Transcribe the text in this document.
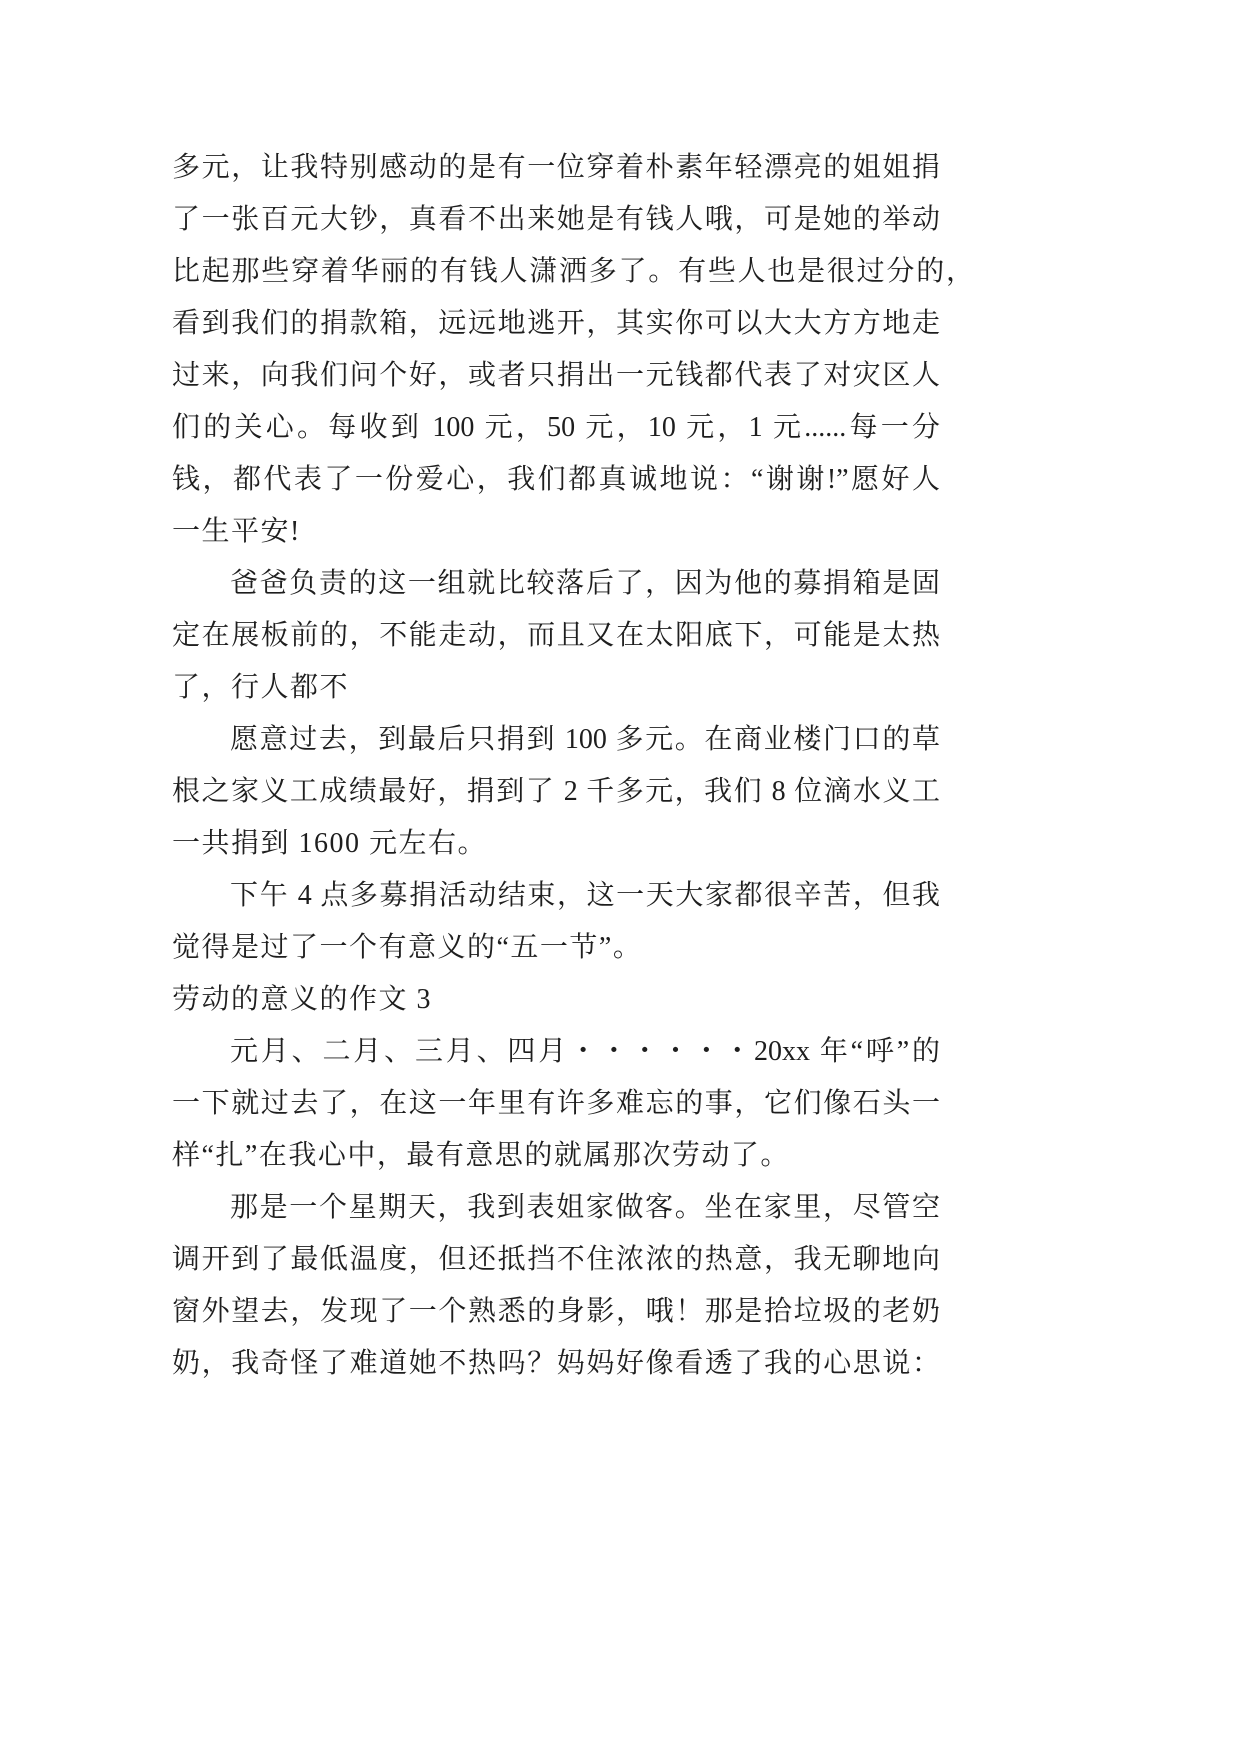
多元，让我特别感动的是有一位穿着朴素年轻漂亮的姐姐捐
了一张百元大钞，真看不出来她是有钱人哦，可是她的举动
比起那些穿着华丽的有钱人潇洒多了。有些人也是很过分的，
看到我们的捐款箱，远远地逃开，其实你可以大大方方地走
过来，向我们问个好，或者只捐出一元钱都代表了对灾区人
们的关心。每收到 100 元，50 元，10 元，1 元......每一分
钱，都代表了一份爱心，我们都真诚地说：“谢谢!”愿好人
一生平安!
爸爸负责的这一组就比较落后了，因为他的募捐箱是固
定在展板前的，不能走动，而且又在太阳底下，可能是太热
了，行人都不
愿意过去，到最后只捐到 100 多元。在商业楼门口的草
根之家义工成绩最好，捐到了 2 千多元，我们 8 位滴水义工
一共捐到 1600 元左右。
下午 4 点多募捐活动结束，这一天大家都很辛苦，但我
觉得是过了一个有意义的“五一节”。
劳动的意义的作文 3
元月、二月、三月、四月・・・・・・20xx 年“呼”的
一下就过去了，在这一年里有许多难忘的事，它们像石头一
样“扎”在我心中，最有意思的就属那次劳动了。
那是一个星期天，我到表姐家做客。坐在家里，尽管空
调开到了最低温度，但还抵挡不住浓浓的热意，我无聊地向
窗外望去，发现了一个熟悉的身影，哦！那是拾垃圾的老奶
奶，我奇怪了难道她不热吗？妈妈好像看透了我的心思说：
